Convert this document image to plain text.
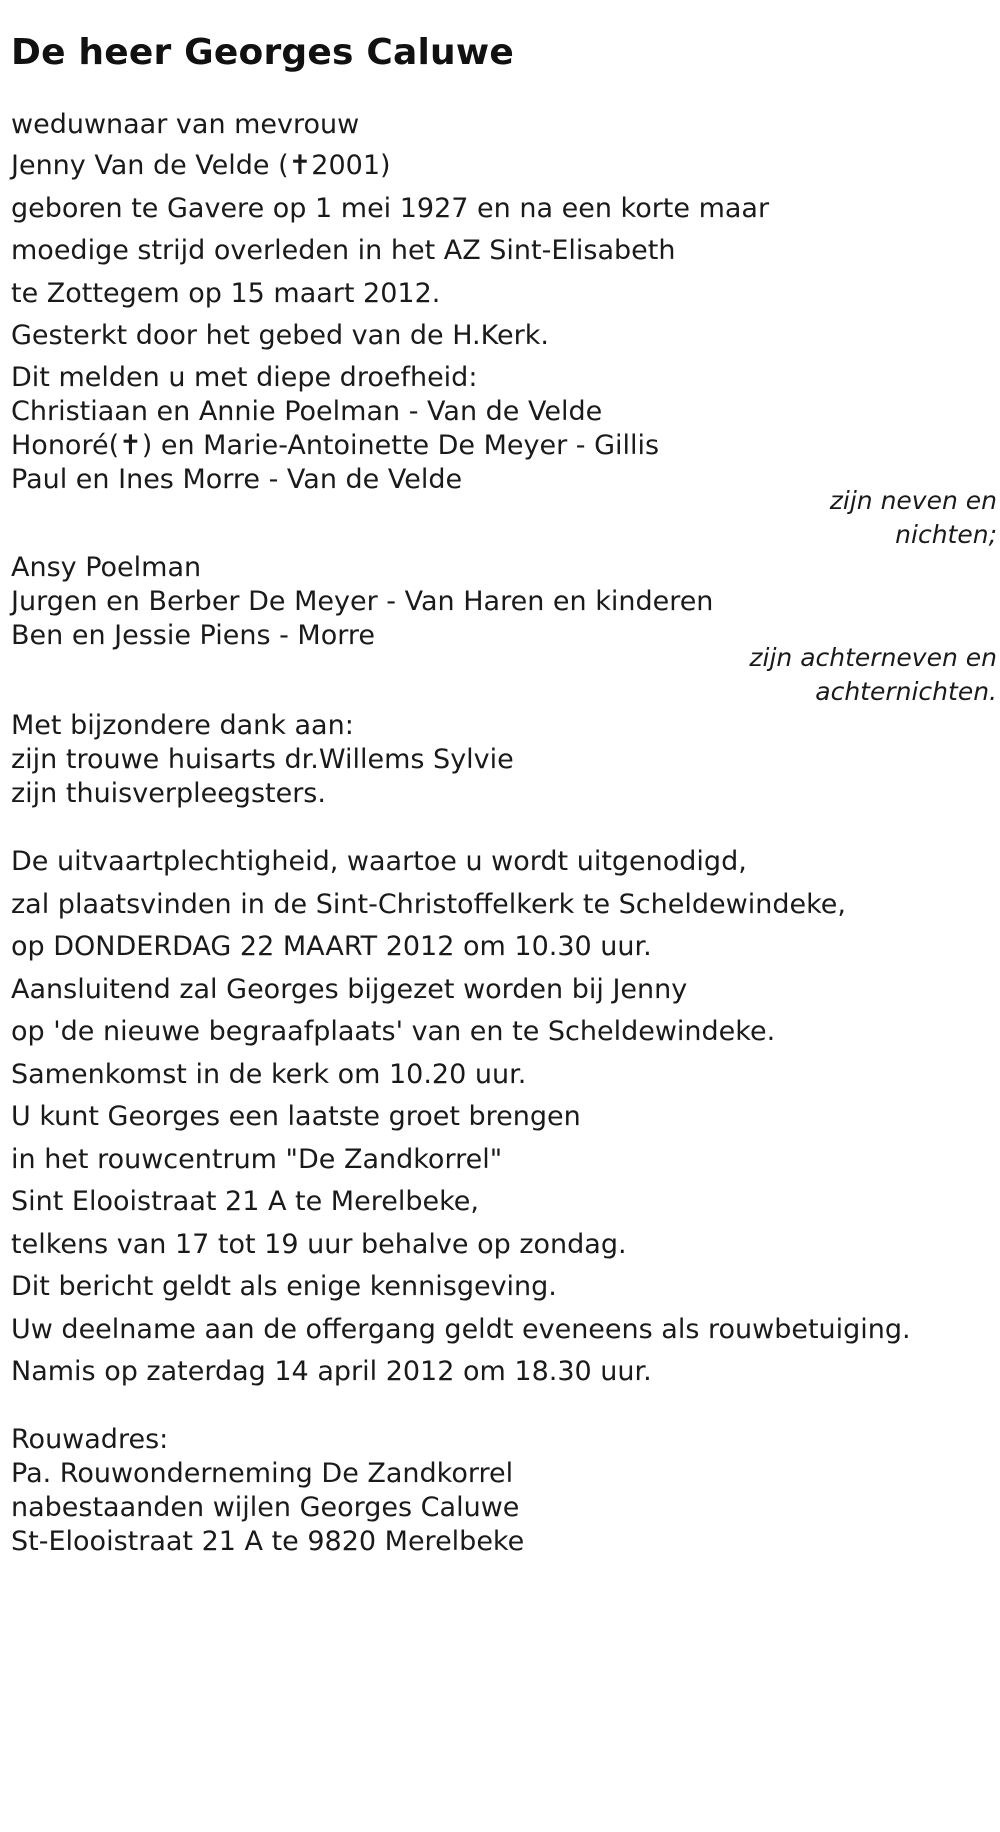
De heer Georges Caluwe
weduwnaar van mevrouw
Jenny Van de Velde (✝2001)
geboren te Gavere op 1 mei 1927 en na een korte maar
moedige strijd overleden in het AZ Sint-Elisabeth
te Zottegem op 15 maart 2012.
Gesterkt door het gebed van de H.Kerk.
Dit melden u met diepe droefheid:
Christiaan en Annie Poelman - Van de Velde
Honoré(✝) en Marie-Antoinette De Meyer - Gillis
Paul en Ines Morre - Van de Velde
zijn neven en
nichten;
Ansy Poelman
Jurgen en Berber De Meyer - Van Haren en kinderen
Ben en Jessie Piens - Morre
zijn achterneven en
achternichten.
Met bijzondere dank aan:
zijn trouwe huisarts dr.Willems Sylvie
zijn thuisverpleegsters.
De uitvaartplechtigheid, waartoe u wordt uitgenodigd,
zal plaatsvinden in de Sint-Christoffelkerk te Scheldewindeke,
op DONDERDAG 22 MAART 2012 om 10.30 uur.
Aansluitend zal Georges bijgezet worden bij Jenny
op 'de nieuwe begraafplaats' van en te Scheldewindeke.
Samenkomst in de kerk om 10.20 uur.
U kunt Georges een laatste groet brengen
in het rouwcentrum "De Zandkorrel"
Sint Elooistraat 21 A te Merelbeke,
telkens van 17 tot 19 uur behalve op zondag.
Dit bericht geldt als enige kennisgeving.
Uw deelname aan de offergang geldt eveneens als rouwbetuiging.
Namis op zaterdag 14 april 2012 om 18.30 uur.
Rouwadres:
Pa. Rouwonderneming De Zandkorrel
nabestaanden wijlen Georges Caluwe
St-Elooistraat 21 A te 9820 Merelbeke
